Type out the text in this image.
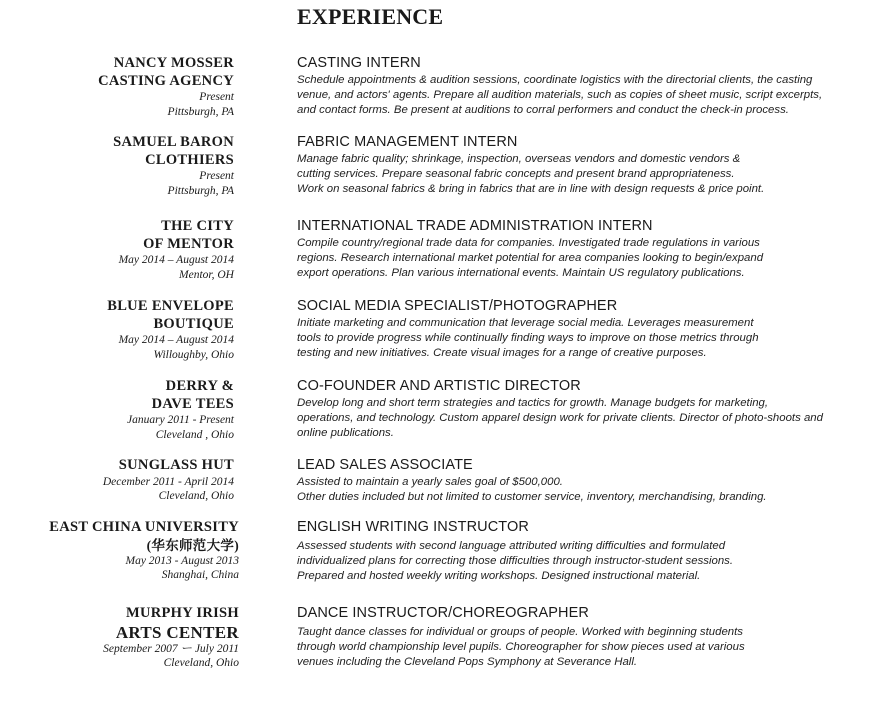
EXPERIENCE
NANCY MOSSER
CASTING AGENCY
Present
Pittsburgh, PA
CASTING INTERN
Schedule appointments & audition sessions, coordinate logistics with the directorial clients, the casting
venue, and actors' agents. Prepare all audition materials, such as copies of sheet music, script excerpts,
and contact forms. Be present at auditions to corral performers and conduct the check-in process.
SAMUEL BARON
CLOTHIERS
Present
Pittsburgh, PA
FABRIC MANAGEMENT INTERN
Manage fabric quality; shrinkage, inspection, overseas vendors and domestic vendors &
cutting services. Prepare seasonal fabric concepts and present brand appropriateness.
Work on seasonal fabrics & bring in fabrics that are in line with design requests & price point.
THE CITY
OF MENTOR
May 2014 – August 2014
Mentor, OH
INTERNATIONAL TRADE ADMINISTRATION INTERN
Compile country/regional trade data for companies. Investigated trade regulations in various
regions. Research international market potential for area companies looking to begin/expand
export operations. Plan various international events. Maintain US regulatory publications.
BLUE ENVELOPE
BOUTIQUE
May 2014 – August 2014
Willoughby, Ohio
SOCIAL MEDIA SPECIALIST/PHOTOGRAPHER
Initiate marketing and communication that leverage social media. Leverages measurement
tools to provide progress while continually finding ways to improve on those metrics through
testing and new initiatives. Create visual images for a range of creative purposes.
DERRY &
DAVE TEES
January 2011 - Present
Cleveland , Ohio
CO-FOUNDER AND ARTISTIC DIRECTOR
Develop long and short term strategies and tactics for growth. Manage budgets for marketing,
operations, and technology. Custom apparel design work for private clients. Director of photo-shoots and
online publications.
SUNGLASS HUT
December 2011 - April 2014
Cleveland, Ohio
LEAD SALES ASSOCIATE
Assisted to maintain a yearly sales goal of $500,000.
Other duties included but not limited to customer service, inventory, merchandising, branding.
EAST CHINA UNIVERSITY
(华东师范大学)
May 2013 - August 2013
Shanghai, China
ENGLISH WRITING INSTRUCTOR
Assessed students with second language attributed writing difficulties and formulated
individualized plans for correcting those difficulties through instructor-student sessions.
Prepared and hosted weekly writing workshops. Designed instructional material.
MURPHY IRISH
ARTS CENTER
September 2007 ー July 2011
Cleveland, Ohio
DANCE INSTRUCTOR/CHOREOGRAPHER
Taught dance classes for individual or groups of people. Worked with beginning students
through world championship level pupils. Choreographer for show pieces used at various
venues including the Cleveland Pops Symphony at Severance Hall.
